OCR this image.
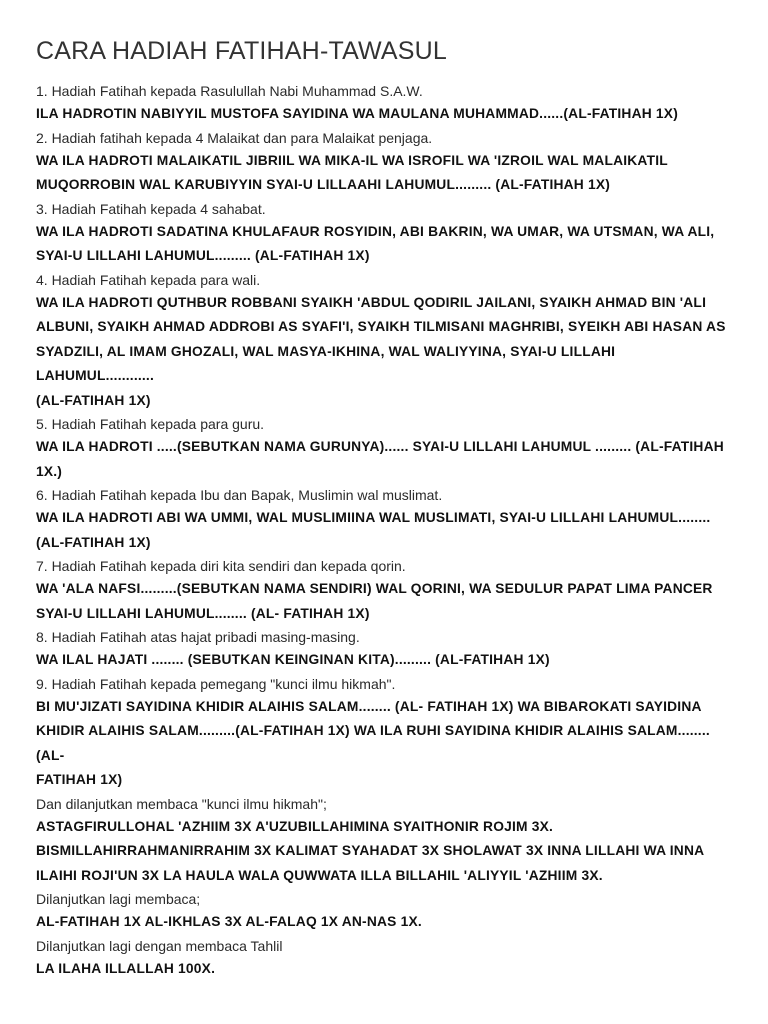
CARA HADIAH FATIHAH-TAWASUL

1. Hadiah Fatihah kepada Rasulullah Nabi Muhammad S.A.W.

ILA HADROTIN NABIYYIL MUSTOFA SAYIDINA WA MAULANA MUHAMMAD......(AL-FATIHAH 1X)

2. Hadiah fatihah kepada 4 Malaikat dan para Malaikat penjaga.

WA ILA HADROTI MALAIKATIL JIBRIIL WA MIKA-IL WA ISROFIL WA 'IZROIL WAL MALAIKATIL

MUQORROBIN WAL KARUBIYYIN SYAI-U LILLAAHI LAHUMUL......... (AL-FATIHAH 1X)

3. Hadiah Fatihah kepada 4 sahabat.

WA ILA HADROTI SADATINA KHULAFAUR ROSYIDIN, ABI BAKRIN, WA UMAR, WA UTSMAN, WA ALI,

SYAI-U LILLAHI LAHUMUL......... (AL-FATIHAH 1X)

4. Hadiah Fatihah kepada para wali.

WA ILA HADROTI QUTHBUR ROBBANI SYAIKH 'ABDUL QODIRIL JAILANI, SYAIKH AHMAD BIN 'ALI

ALBUNI, SYAIKH AHMAD ADDROBI AS SYAFI'I, SYAIKH TILMISANI MAGHRIBI, SYEIKH ABI HASAN AS

SYADZILI, AL IMAM GHOZALI, WAL MASYA-IKHINA, WAL WALIYYINA, SYAI-U LILLAHI LAHUMUL............

(AL-FATIHAH 1X)

5. Hadiah Fatihah kepada para guru.

WA ILA HADROTI .....(SEBUTKAN NAMA GURUNYA)...... SYAI-U LILLAHI LAHUMUL ......... (AL-FATIHAH

1X.)

6. Hadiah Fatihah kepada Ibu dan Bapak, Muslimin wal muslimat.

WA ILA HADROTI ABI WA UMMI, WAL MUSLIMIINA WAL MUSLIMATI, SYAI-U LILLAHI LAHUMUL........

(AL-FATIHAH 1X)

7. Hadiah Fatihah kepada diri kita sendiri dan kepada qorin.

WA 'ALA NAFSI.........(SEBUTKAN NAMA SENDIRI) WAL QORINI, WA SEDULUR PAPAT LIMA PANCER

SYAI-U LILLAHI LAHUMUL........ (AL- FATIHAH 1X)

8. Hadiah Fatihah atas hajat pribadi masing-masing.

WA ILAL HAJATI ........ (SEBUTKAN KEINGINAN KITA)......... (AL-FATIHAH 1X)

9. Hadiah Fatihah kepada pemegang "kunci ilmu hikmah".

BI MU'JIZATI SAYIDINA KHIDIR ALAIHIS SALAM........ (AL- FATIHAH 1X) WA BIBAROKATI SAYIDINA

KHIDIR ALAIHIS SALAM.........(AL-FATIHAH 1X) WA ILA RUHI SAYIDINA KHIDIR ALAIHIS SALAM........(AL-

FATIHAH 1X)

Dan dilanjutkan membaca "kunci ilmu hikmah";

ASTAGFIRULLOHAL 'AZHIIM 3X A'UZUBILLAHIMINA SYAITHONIR ROJIM 3X.

BISMILLAHIRRAHMANIRRAHIM 3X KALIMAT SYAHADAT 3X SHOLAWAT 3X INNA LILLAHI WA INNA

ILAIHI ROJI'UN 3X LA HAULA WALA QUWWATA ILLA BILLAHIL 'ALIYYIL 'AZHIIM 3X.

Dilanjutkan lagi membaca;

AL-FATIHAH 1X AL-IKHLAS 3X AL-FALAQ 1X AN-NAS 1X.

Dilanjutkan lagi dengan membaca Tahlil

LA ILAHA ILLALLAH 100X.
